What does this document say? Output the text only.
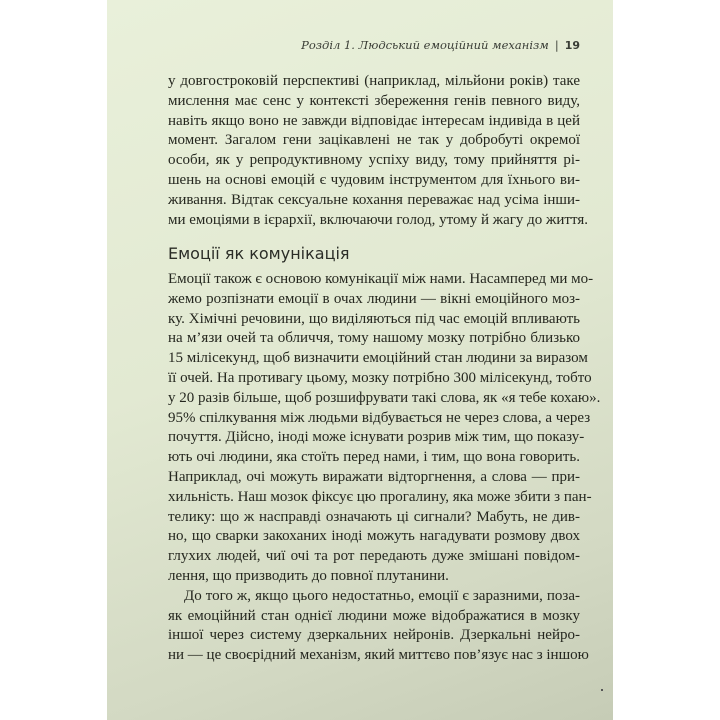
Розділ 1. Людський емоційний механізм | 19
у довгостроковій перспективі (наприклад, мільйони років) таке
мислення має сенс у контексті збереження генів певного виду,
навіть якщо воно не завжди відповідає інтересам індивіда в цей
момент. Загалом гени зацікавлені не так у добробуті окремої
особи, як у репродуктивному успіху виду, тому прийняття рі-
шень на основі емоцій є чудовим інструментом для їхнього ви-
живання. Відтак сексуальне кохання переважає над усіма інши-
ми емоціями в ієрархії, включаючи голод, утому й жагу до життя.
Емоції як комунікація
Емоції також є основою комунікації між нами. Насамперед ми мо-
жемо розпізнати емоції в очах людини — вікні емоційного моз-
ку. Хімічні речовини, що виділяються під час емоцій впливають
на м’язи очей та обличчя, тому нашому мозку потрібно близько
15 мілісекунд, щоб визначити емоційний стан людини за виразом
її очей. На противагу цьому, мозку потрібно 300 мілісекунд, тобто
у 20 разів більше, щоб розшифрувати такі слова, як «я тебе кохаю».
95% спілкування між людьми відбувається не через слова, а через
почуття. Дійсно, іноді може існувати розрив між тим, що показу-
ють очі людини, яка стоїть перед нами, і тим, що вона говорить.
Наприклад, очі можуть виражати відторгнення, а слова — при-
хильність. Наш мозок фіксує цю прогалину, яка може збити з пан-
телику: що ж насправді означають ці сигнали? Мабуть, не див-
но, що сварки закоханих іноді можуть нагадувати розмову двох
глухих людей, чиї очі та рот передають дуже змішані повідом-
лення, що призводить до повної плутанини.
До того ж, якщо цього недостатньо, емоції є заразними, поза-
як емоційний стан однієї людини може відображатися в мозку
іншої через систему дзеркальних нейронів. Дзеркальні нейро-
ни — це своєрідний механізм, який миттєво пов’язує нас з іншою
